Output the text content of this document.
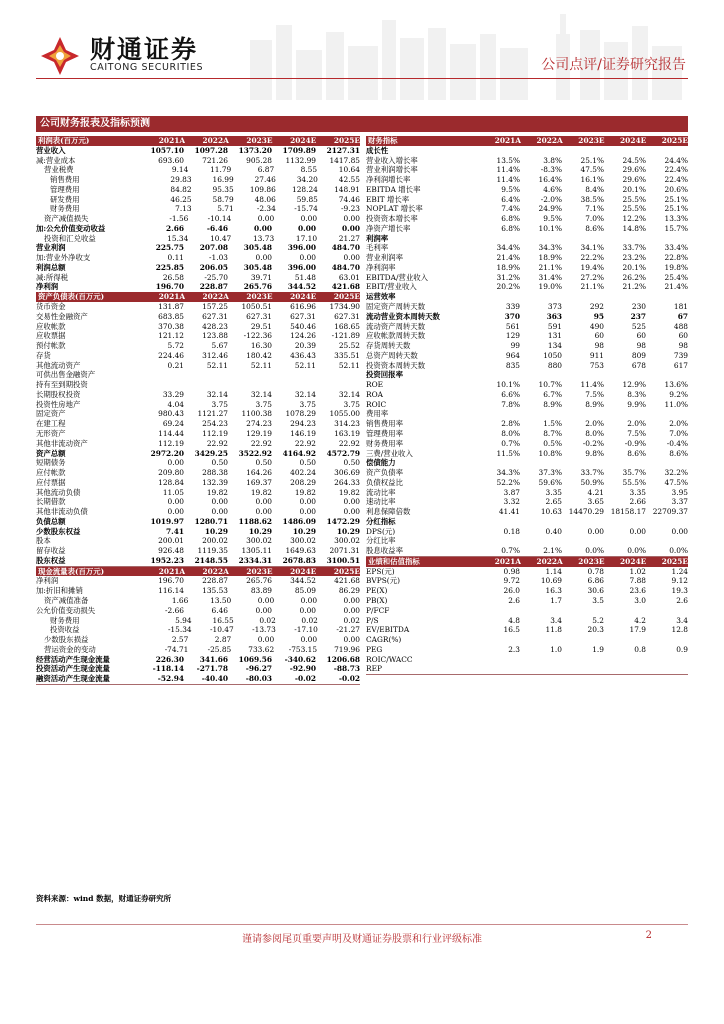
财通证券
CAITONG SECURITIES	公司点评/证券研究报告
公司财务报表及指标预测
利润表(百万元)	2021A	2022A	2023E	2024E	2025E
营业收入	1057.10	1097.28	1373.20	1709.89	2127.31
减:营业成本	693.60	721.26	905.28	1132.99	1417.85
营业税费	9.14	11.79	6.87	8.55	10.64
销售费用	29.83	16.99	27.46	34.20	42.55
管理费用	84.82	95.35	109.86	128.24	148.91
研发费用	46.25	58.79	48.06	59.85	74.46
财务费用	7.13	5.71	-2.34	-15.74	-9.23
资产减值损失	-1.56	-10.14	0.00	0.00	0.00
加:公允价值变动收益	2.66	-6.46	0.00	0.00	0.00
投资和汇兑收益	15.34	10.47	13.73	17.10	21.27
营业利润	225.75	207.08	305.48	396.00	484.70
加:营业外净收支	0.11	-1.03	0.00	0.00	0.00
利润总额	225.85	206.05	305.48	396.00	484.70
减:所得税	26.58	-25.70	39.71	51.48	63.01
净利润	196.70	228.87	265.76	344.52	421.68
资产负债表(百万元)	2021A	2022A	2023E	2024E	2025E
货币资金	131.87	157.25	1050.51	616.96	1734.90
交易性金融资产	683.85	627.31	627.31	627.31	627.31
应收帐款	370.38	428.23	29.51	540.46	168.65
应收票据	121.12	123.88	-122.36	124.26	-121.89
预付帐款	5.72	5.67	16.30	20.39	25.52
存货	224.46	312.46	180.42	436.43	335.51
其他流动资产	0.21	52.11	52.11	52.11	52.11
可供出售金融资产
持有至到期投资
长期股权投资	33.29	32.14	32.14	32.14	32.14
投资性房地产	4.04	3.75	3.75	3.75	3.75
固定资产	980.43	1121.27	1100.38	1078.29	1055.00
在建工程	69.24	254.23	274.23	294.23	314.23
无形资产	114.44	112.19	129.19	146.19	163.19
其他非流动资产	112.19	22.92	22.92	22.92	22.92
资产总额	2972.20	3429.25	3522.92	4164.92	4572.79
短期债务	0.00	0.50	0.50	0.50	0.50
应付帐款	209.80	288.38	164.26	402.24	306.69
应付票据	128.84	132.39	169.37	208.29	264.33
其他流动负债	11.05	19.82	19.82	19.82	19.82
长期借款	0.00	0.00	0.00	0.00	0.00
其他非流动负债	0.00	0.00	0.00	0.00	0.00
负债总额	1019.97	1280.71	1188.62	1486.09	1472.29
少数股东权益	7.41	10.29	10.29	10.29	10.29
股本	200.01	200.02	300.02	300.02	300.02
留存收益	926.48	1119.35	1305.11	1649.63	2071.31
股东权益	1952.23	2148.55	2334.31	2678.83	3100.51
现金流量表(百万元)	2021A	2022A	2023E	2024E	2025E
净利润	196.70	228.87	265.76	344.52	421.68
加:折旧和摊销	116.14	135.53	83.89	85.09	86.29
资产减值准备	1.66	13.50	0.00	0.00	0.00
公允价值变动损失	-2.66	6.46	0.00	0.00	0.00
财务费用	5.94	16.55	0.02	0.02	0.02
投资收益	-15.34	-10.47	-13.73	-17.10	-21.27
少数股东损益	2.57	2.87	0.00	0.00	0.00
营运资金的变动	-74.71	-25.85	733.62	-753.15	719.96
经营活动产生现金流量	226.30	341.66	1069.56	-340.62	1206.68
投资活动产生现金流量	-118.14	-271.78	-96.27	-92.90	-88.73
融资活动产生现金流量	-52.94	-40.40	-80.03	-0.02	-0.02
财务指标	2021A	2022A	2023E	2024E	2025E
成长性
营业收入增长率	13.5%	3.8%	25.1%	24.5%	24.4%
营业利润增长率	11.4%	-8.3%	47.5%	29.6%	22.4%
净利润增长率	11.4%	16.4%	16.1%	29.6%	22.4%
EBITDA 增长率	9.5%	4.6%	8.4%	20.1%	20.6%
EBIT 增长率	6.4%	-2.0%	38.5%	25.5%	25.1%
NOPLAT 增长率	7.4%	24.9%	7.1%	25.5%	25.1%
投资资本增长率	6.8%	9.5%	7.0%	12.2%	13.3%
净资产增长率	6.8%	10.1%	8.6%	14.8%	15.7%
利润率
毛利率	34.4%	34.3%	34.1%	33.7%	33.4%
营业利润率	21.4%	18.9%	22.2%	23.2%	22.8%
净利润率	18.9%	21.1%	19.4%	20.1%	19.8%
EBITDA/营业收入	31.2%	31.4%	27.2%	26.2%	25.4%
EBIT/营业收入	20.2%	19.0%	21.1%	21.2%	21.4%
运营效率
固定资产周转天数	339	373	292	230	181
流动营业资本周转天数	370	363	95	237	67
流动资产周转天数	561	591	490	525	488
应收帐款周转天数	129	131	60	60	60
存货周转天数	99	134	98	98	98
总资产周转天数	964	1050	911	809	739
投资资本周转天数	835	880	753	678	617
投资回报率
ROE	10.1%	10.7%	11.4%	12.9%	13.6%
ROA	6.6%	6.7%	7.5%	8.3%	9.2%
ROIC	7.8%	8.9%	8.9%	9.9%	11.0%
费用率
销售费用率	2.8%	1.5%	2.0%	2.0%	2.0%
管理费用率	8.0%	8.7%	8.0%	7.5%	7.0%
财务费用率	0.7%	0.5%	-0.2%	-0.9%	-0.4%
三费/营业收入	11.5%	10.8%	9.8%	8.6%	8.6%
偿债能力
资产负债率	34.3%	37.3%	33.7%	35.7%	32.2%
负债权益比	52.2%	59.6%	50.9%	55.5%	47.5%
流动比率	3.87	3.35	4.21	3.35	3.95
速动比率	3.32	2.65	3.65	2.66	3.37
利息保障倍数	41.41	10.63 14470.29 18158.17 22709.37
分红指标
DPS(元)	0.18	0.40	0.00	0.00	0.00
分红比率
股息收益率	0.7%	2.1%	0.0%	0.0%	0.0%
业绩和估值指标	2021A	2022A	2023E	2024E	2025E
EPS(元)	0.98	1.14	0.78	1.02	1.24
BVPS(元)	9.72	10.69	6.86	7.88	9.12
PE(X)	26.0	16.3	30.6	23.6	19.3
PB(X)	2.6	1.7	3.5	3.0	2.6
P/FCF
P/S	4.8	3.4	5.2	4.2	3.4
EV/EBITDA	16.5	11.8	20.3	17.9	12.8
CAGR(%)
PEG	2.3	1.0	1.9	0.8	0.9
ROIC/WACC
REP
资料来源：wind 数据，财通证券研究所
谨请参阅尾页重要声明及财通证券股票和行业评级标准	2
